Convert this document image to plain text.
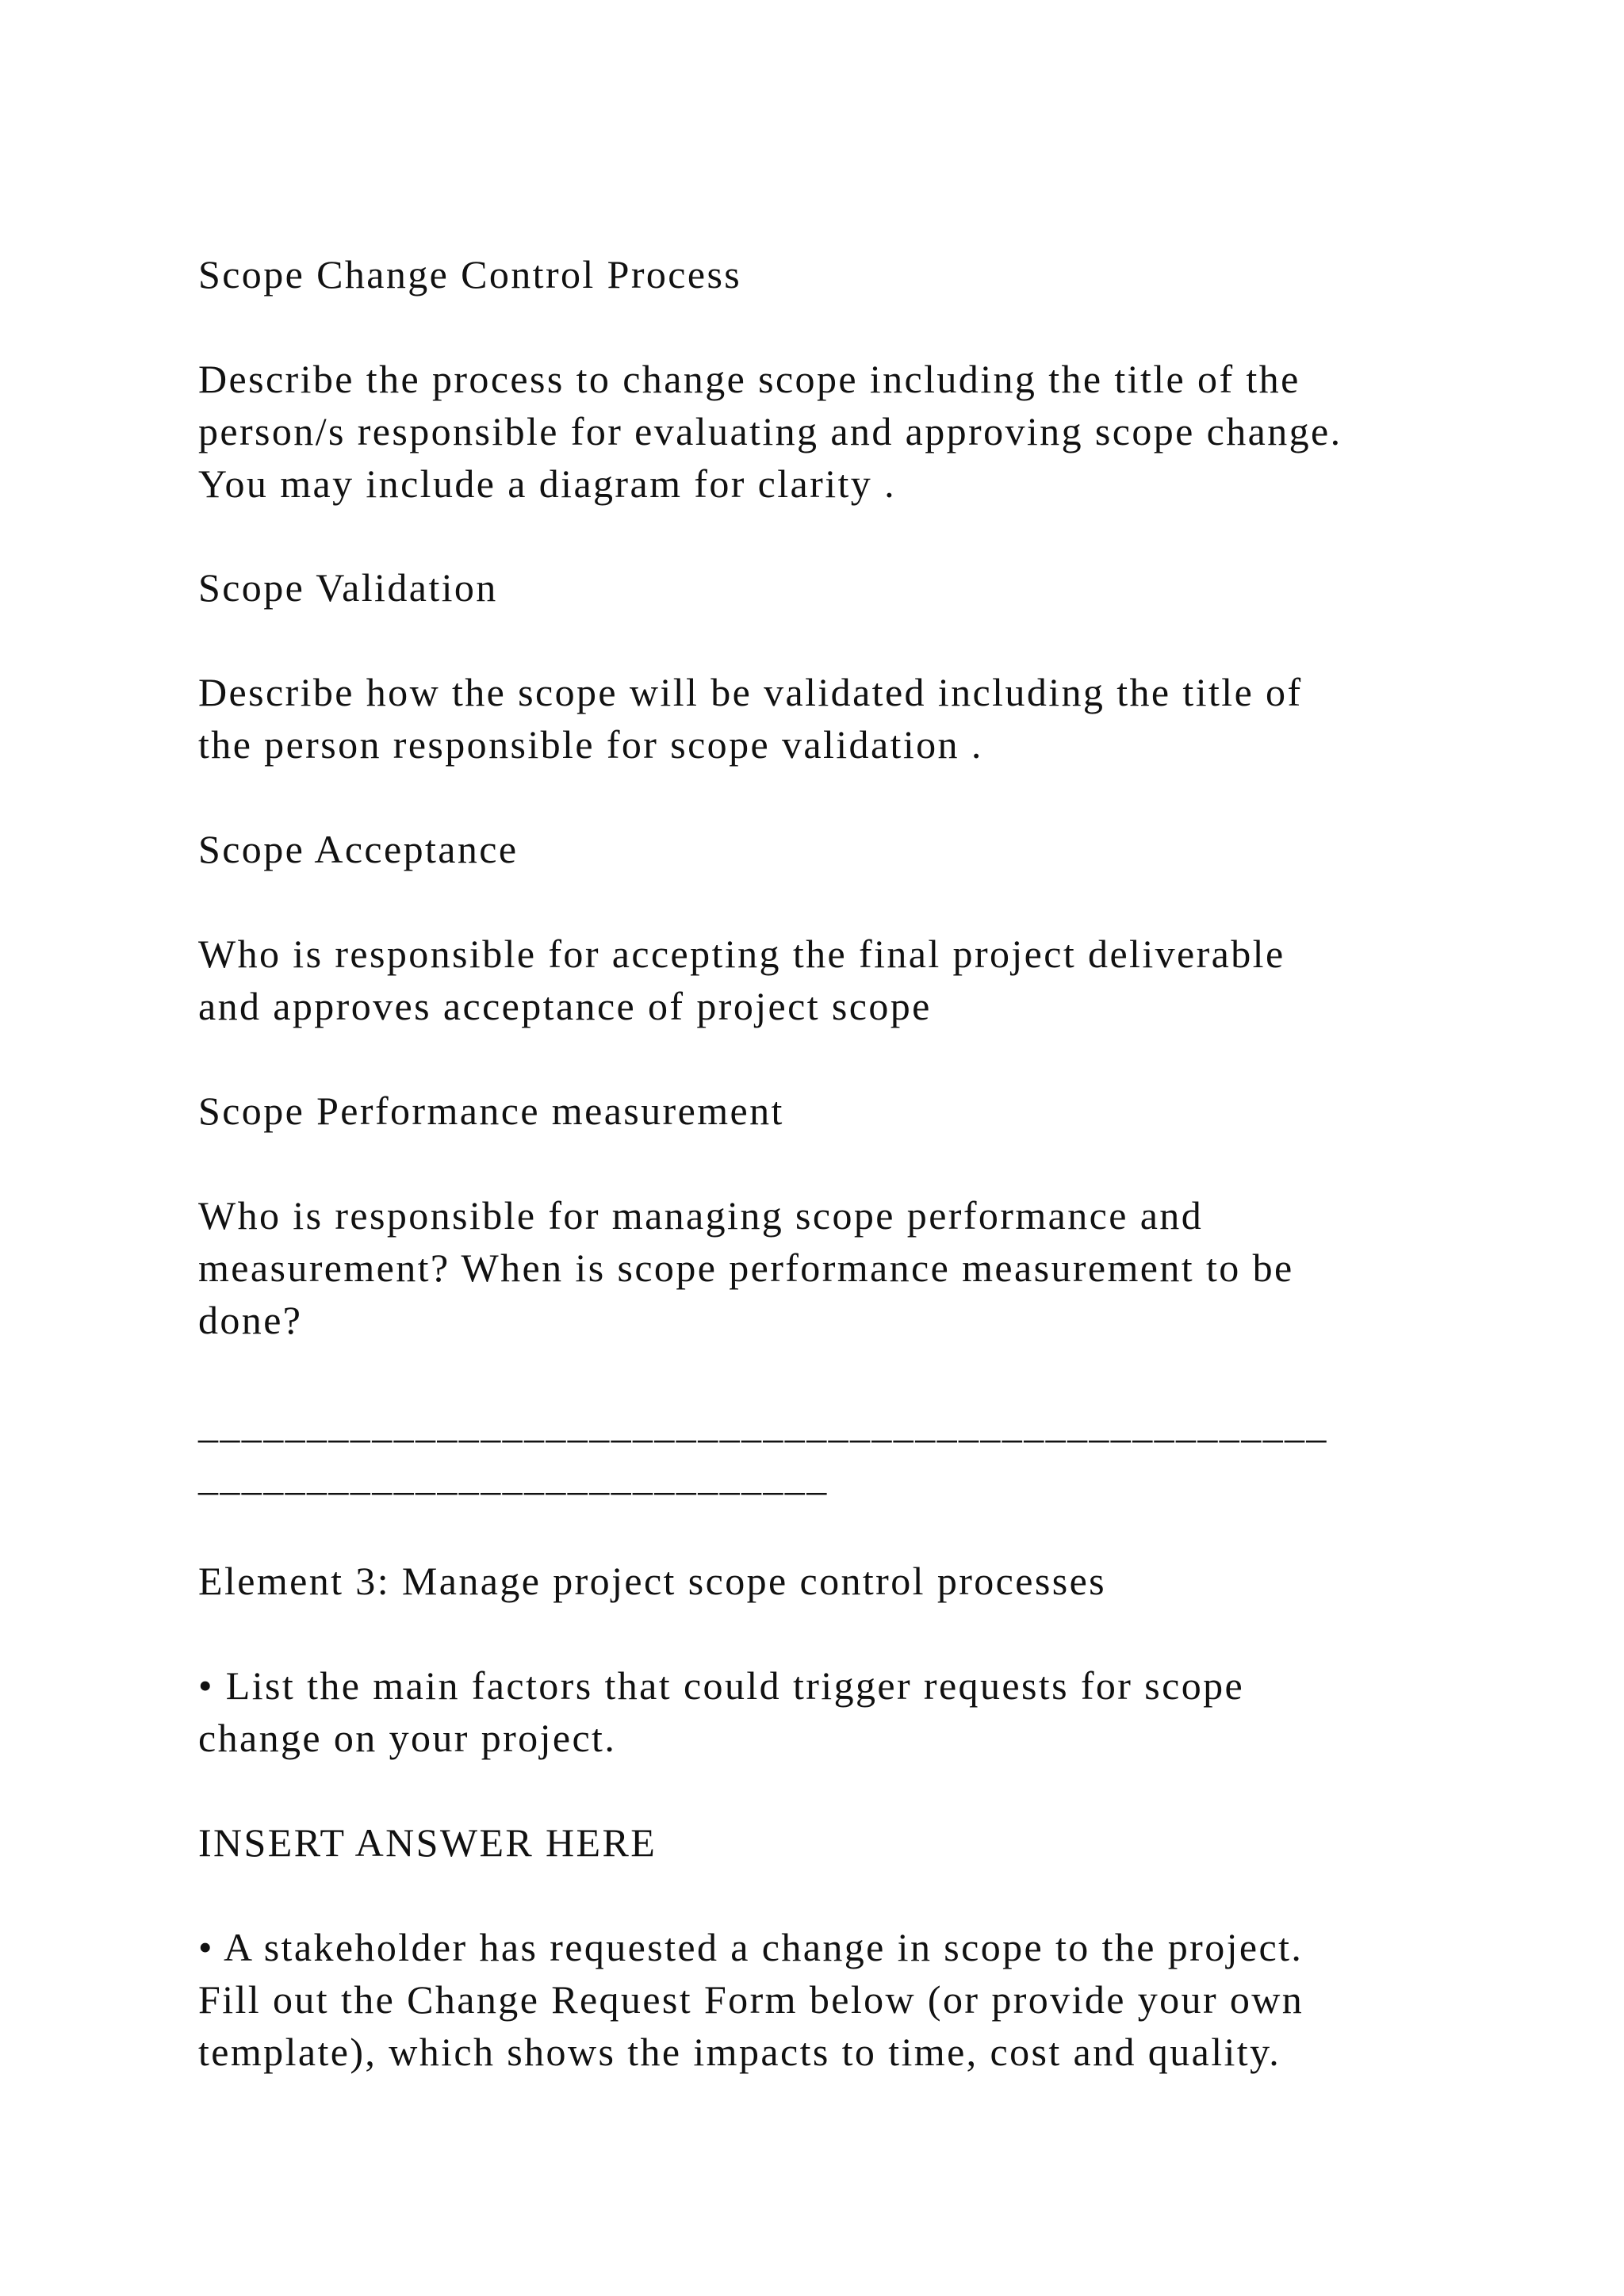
Scope Change Control Process
Describe the process to change scope including the title of the
person/s responsible for evaluating and approving scope change.
You may include a diagram for clarity .
Scope Validation
Describe how the scope will be validated including the title of
the person responsible for scope validation .
Scope Acceptance
Who is responsible for accepting the final project deliverable
and approves acceptance of project scope
Scope Performance measurement
Who is responsible for managing scope performance and
measurement? When is scope performance measurement to be
done?
____________________________________________________
_____________________________
Element 3: Manage project scope control processes
• List the main factors that could trigger requests for scope
change on your project.
INSERT ANSWER HERE
• A stakeholder has requested a change in scope to the project.
Fill out the Change Request Form below (or provide your own
template), which shows the impacts to time, cost and quality.
